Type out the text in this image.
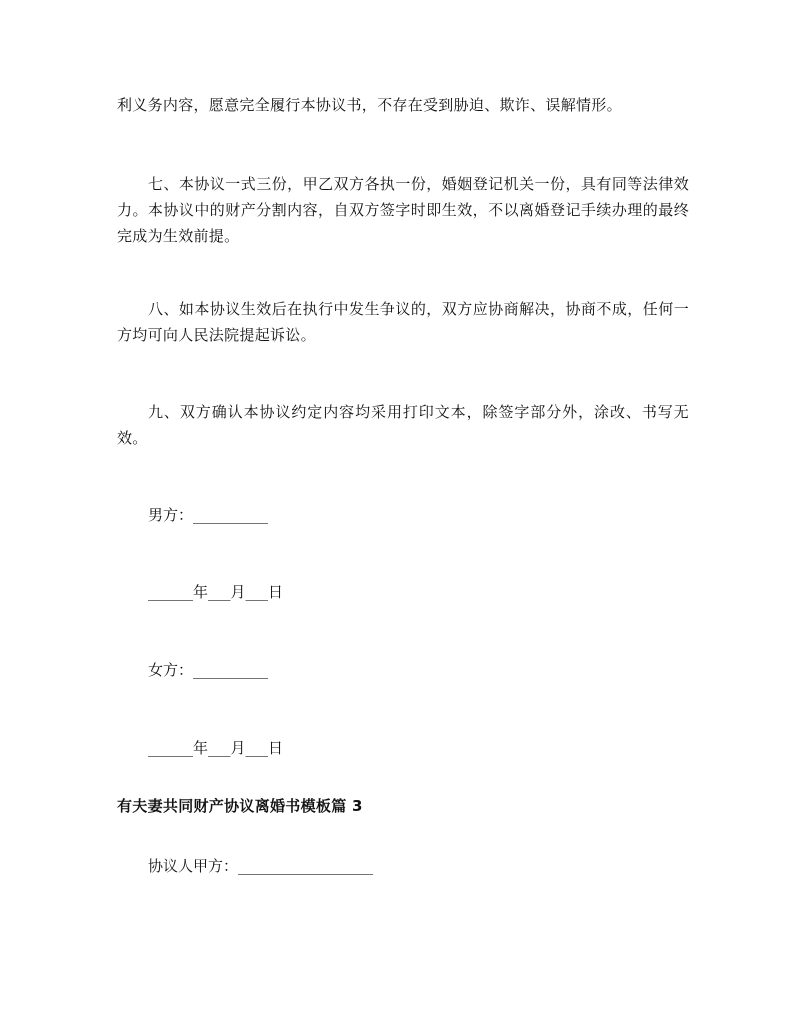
利义务内容，愿意完全履行本协议书，不存在受到胁迫、欺诈、误解情形。

七、本协议一式三份，甲乙双方各执一份，婚姻登记机关一份，具有同等法律效力。本协议中的财产分割内容，自双方签字时即生效，不以离婚登记手续办理的最终完成为生效前提。

八、如本协议生效后在执行中发生争议的，双方应协商解决，协商不成，任何一方均可向人民法院提起诉讼。

九、双方确认本协议约定内容均采用打印文本，除签字部分外，涂改、书写无效。

男方：__________
______年___月___日
女方：__________
______年___月___日
有夫妻共同财产协议离婚书模板篇 3
协议人甲方：__________________
